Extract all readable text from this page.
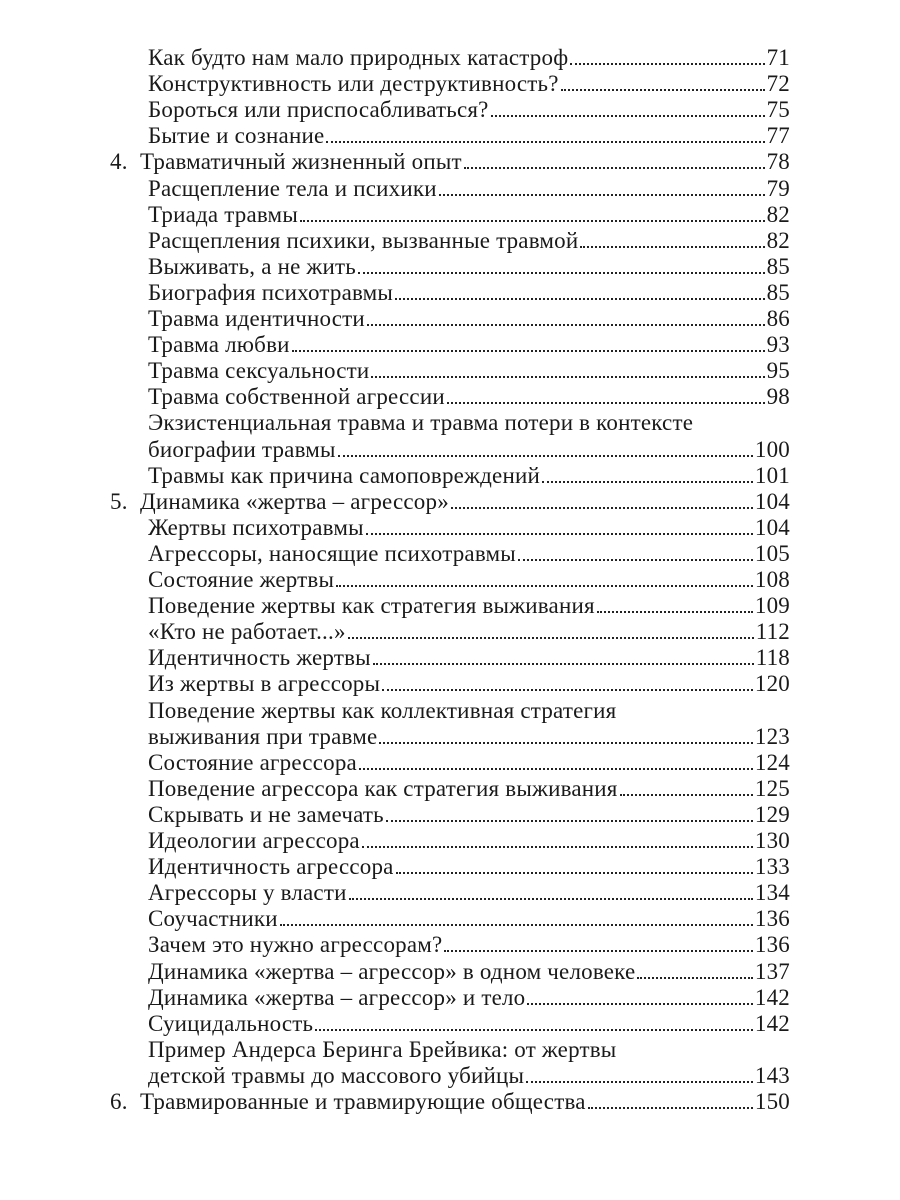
Как будто нам мало природных катастроф	71
Конструктивность или деструктивность?	72
Бороться или приспосабливаться?	75
Бытие и сознание	77
4. Травматичный жизненный опыт	78
Расщепление тела и психики	79
Триада травмы	82
Расщепления психики, вызванные травмой	82
Выживать, а не жить	85
Биография психотравмы	85
Травма идентичности	86
Травма любви	93
Травма сексуальности	95
Травма собственной агрессии	98
Экзистенциальная травма и травма потери в контексте
биографии травмы	100
Травмы как причина самоповреждений	101
5. Динамика «жертва – агрессор»	104
Жертвы психотравмы	104
Агрессоры, наносящие психотравмы	105
Состояние жертвы	108
Поведение жертвы как стратегия выживания	109
«Кто не работает...»	112
Идентичность жертвы	118
Из жертвы в агрессоры	120
Поведение жертвы как коллективная стратегия
выживания при травме	123
Состояние агрессора	124
Поведение агрессора как стратегия выживания	125
Скрывать и не замечать	129
Идеологии агрессора	130
Идентичность агрессора	133
Агрессоры у власти	134
Соучастники	136
Зачем это нужно агрессорам?	136
Динамика «жертва – агрессор» в одном человеке	137
Динамика «жертва – агрессор» и тело	142
Суицидальность	142
Пример Андерса Беринга Брейвика: от жертвы
детской травмы до массового убийцы	143
6. Травмированные и травмирующие общества	150
